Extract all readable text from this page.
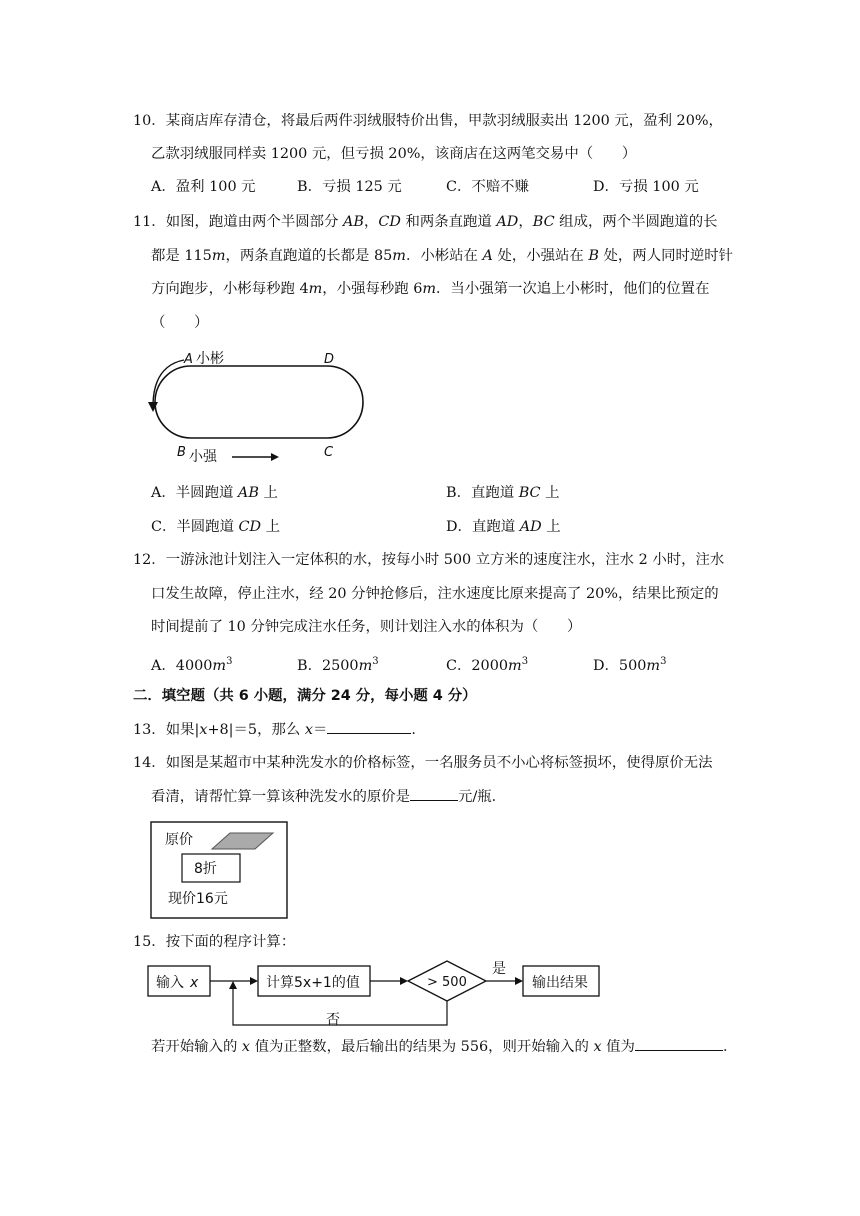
10．某商店库存清仓，将最后两件羽绒服特价出售，甲款羽绒服卖出 1200 元，盈利 20%，
乙款羽绒服同样卖 1200 元，但亏损 20%，该商店在这两笔交易中（　　）
A．盈利 100 元	B．亏损 125 元	C．不赔不赚	D．亏损 100 元
11．如图，跑道由两个半圆部分 AB，CD 和两条直跑道 AD，BC 组成，两个半圆跑道的长
都是 115m，两条直跑道的长都是 85m．小彬站在 A 处，小强站在 B 处，两人同时逆时针
方向跑步，小彬每秒跑 4m，小强每秒跑 6m．当小强第一次追上小彬时，他们的位置在
（　　）
A 小彬	D
B 小强	C
A．半圆跑道 AB 上	B．直跑道 BC 上
C．半圆跑道 CD 上	D．直跑道 AD 上
12．一游泳池计划注入一定体积的水，按每小时 500 立方米的速度注水，注水 2 小时，注水
口发生故障，停止注水，经 20 分钟抢修后，注水速度比原来提高了 20%，结果比预定的
时间提前了 10 分钟完成注水任务，则计划注入水的体积为（　　）
A．$4000m^3$	B．$2500m^3$	C．$2000m^3$	D．$500m^3$
二．填空题（共 6 小题，满分 24 分，每小题 4 分）
13．如果|x+8|＝5，那么 x＝	．
14．如图是某超市中某种洗发水的价格标签，一名服务员不小心将标签损坏，使得原价无法
看清，请帮忙算一算该种洗发水的原价是	元/瓶．
原价
8折
现价16元
15．按下面的程序计算：
输入 x	计算5x+1的值	> 500
是
输出结果
否
若开始输入的 x 值为正整数，最后输出的结果为 556，则开始输入的 x 值为	．
